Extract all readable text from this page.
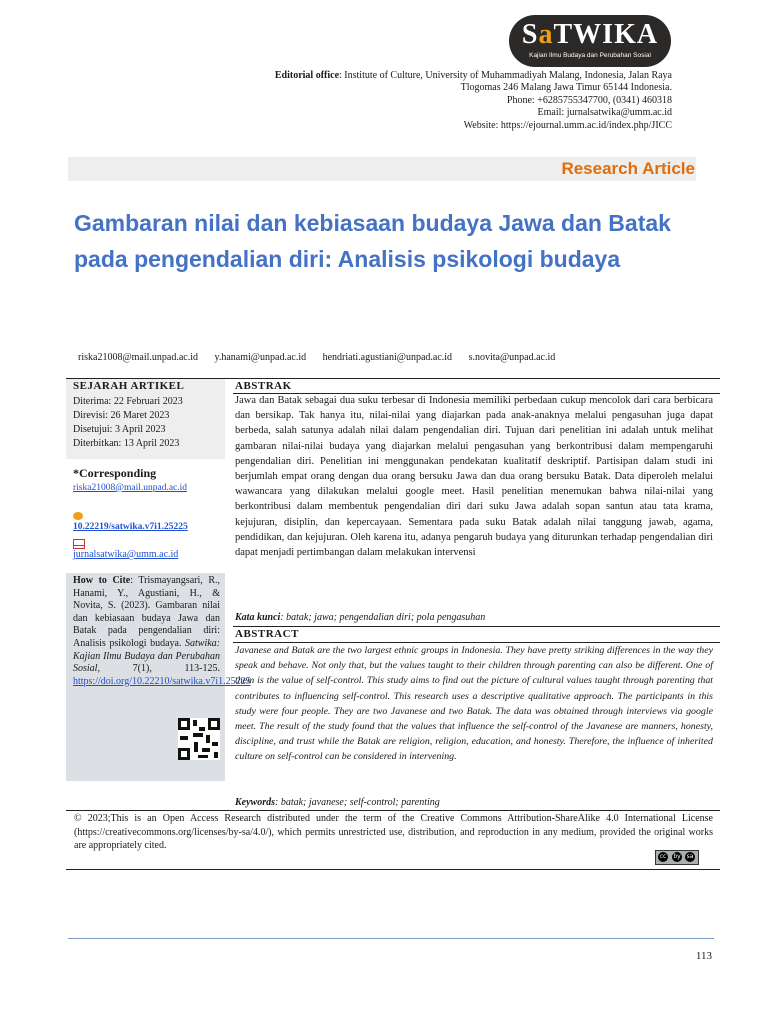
SaTWIKA
Kajian Ilmu Budaya dan Perubahan Sosial
Editorial office: Institute of Culture, University of Muhammadiyah Malang, Indonesia, Jalan Raya
Tlogomas 246 Malang Jawa Timur 65144 Indonesia.
Phone: +6285755347700, (0341) 460318
Email: jurnalsatwika@umm.ac.id
Website: https://ejournal.umm.ac.id/index.php/JICC
Research Article
Gambaran nilai dan kebiasaan budaya Jawa dan Batak pada pengendalian diri: Analisis psikologi budaya
riska21008@mail.unpad.ac.id y.hanami@unpad.ac.id hendriati.agustiani@unpad.ac.id s.novita@unpad.ac.id
SEJARAH ARTIKEL
Diterima: 22 Februari 2023
Direvisi: 26 Maret 2023
Disetujui: 3 April 2023
Diterbitkan: 13 April 2023
*Corresponding
riska21008@mail.unpad.ac.id
10.22219/satwika.v7i1.25225
jurnalsatwika@umm.ac.id
How to Cite: Trismayangsari, R., Hanami, Y., Agustiani, H., & Novita, S. (2023). Gambaran nilai dan kebiasaan budaya Jawa dan Batak pada pengendalian diri: Analisis psikologi budaya. Satwika: Kajian Ilmu Budaya dan Perubahan Sosial, 7(1), 113-125. https://doi.org/10.22210/satwika.v7i1.25225
ABSTRAK
Jawa dan Batak sebagai dua suku terbesar di Indonesia memiliki perbedaan cukup mencolok dari cara berbicara dan bersikap. Tak hanya itu, nilai-nilai yang diajarkan pada anak-anaknya melalui pengasuhan juga dapat berbeda, salah satunya adalah nilai dalam pengendalian diri. Tujuan dari penelitian ini adalah untuk melihat gambaran nilai-nilai budaya yang diajarkan melalui pengasuhan yang berkontribusi dalam mempengaruhi pengendalian diri. Penelitian ini menggunakan pendekatan kualitatif deskriptif. Partisipan dalam studi ini berjumlah empat orang dengan dua orang bersuku Jawa dan dua orang bersuku Batak. Data diperoleh melalui wawancara yang dilakukan melalui google meet. Hasil penelitian menemukan bahwa nilai-nilai yang berkontribusi dalam membentuk pengendalian diri dari suku Jawa adalah sopan santun atau tata krama, kejujuran, disiplin, dan kepercayaan. Sementara pada suku Batak adalah nilai tanggung jawab, agama, pendidikan, dan kejujuran. Oleh karena itu, adanya pengaruh budaya yang diturunkan terhadap pengendalian diri dapat menjadi pertimbangan dalam melakukan intervensi
Kata kunci: batak; jawa; pengendalian diri; pola pengasuhan
ABSTRACT
Javanese and Batak are the two largest ethnic groups in Indonesia. They have pretty striking differences in the way they speak and behave. Not only that, but the values taught to their children through parenting can also be different. One of them is the value of self-control. This study aims to find out the picture of cultural values taught through parenting that contributes to influencing self-control. This research uses a descriptive qualitative approach. The participants in this study were four people. They are two Javanese and two Batak. The data was obtained through interviews via google meet. The result of the study found that the values that influence the self-control of the Javanese are manners, honesty, discipline, and trust while the Batak are religion, religion, education, and honesty. Therefore, the influence of inherited culture on self-control can be considered in intervening.
Keywords: batak; javanese; self-control; parenting
© 2023;This is an Open Access Research distributed under the term of the Creative Commons Attribution-ShareAlike 4.0 International License (https://creativecommons.org/licenses/by-sa/4.0/), which permits unrestricted use, distribution, and reproduction in any medium, provided the original works are appropriately cited.
cc by sa
113
